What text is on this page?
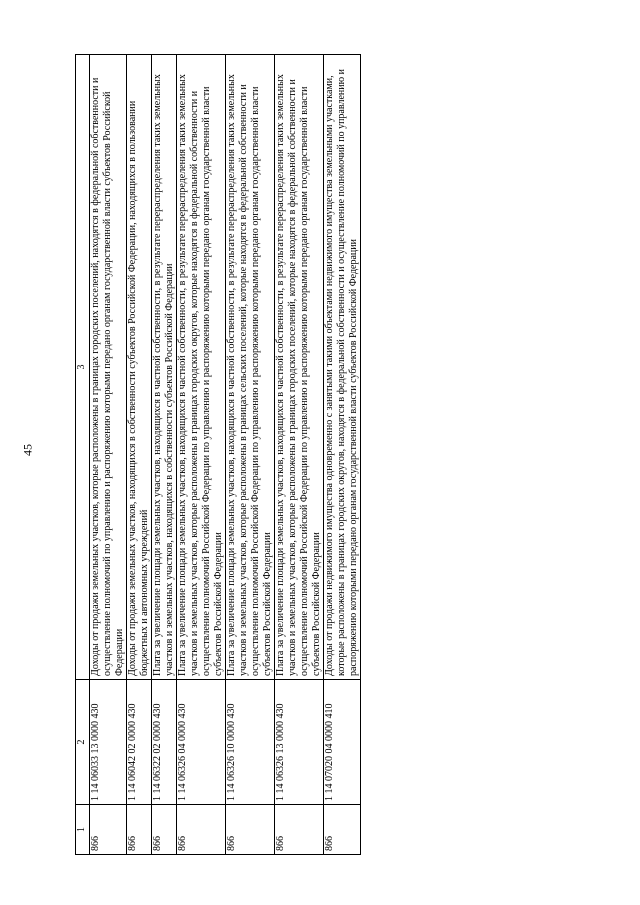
45
1	2	3
866	1 14 06033 13 0000 430	Доходы от продажи земельных участков, которые расположены в границах городских поселений, находятся в федеральной собственности и осуществление полномочий по управлению и распоряжению которыми передано органам государственной власти субъектов Российской Федерации
866	1 14 06042 02 0000 430	Доходы от продажи земельных участков, находящихся в собственности субъектов Российской Федерации, находящихся в пользовании бюджетных и автономных учреждений
866	1 14 06322 02 0000 430	Плата за увеличение площади земельных участков, находящихся в частной собственности, в результате перераспределения таких земельных участков и земельных участков, находящихся в собственности субъектов Российской Федерации
866	1 14 06326 04 0000 430	Плата за увеличение площади земельных участков, находящихся в частной собственности, в результате перераспределения таких земельных участков и земельных участков, которые расположены в границах городских округов, которые находятся в федеральной собственности и осуществление полномочий Российской Федерации по управлению и распоряжению которыми передано органам государственной власти субъектов Российской Федерации
866	1 14 06326 10 0000 430	Плата за увеличение площади земельных участков, находящихся в частной собственности, в результате перераспределения таких земельных участков и земельных участков, которые расположены в границах сельских поселений, которые находятся в федеральной собственности и осуществление полномочий Российской Федерации по управлению и распоряжению которыми передано органам государственной власти субъектов Российской Федерации
866	1 14 06326 13 0000 430	Плата за увеличение площади земельных участков, находящихся в частной собственности, в результате перераспределения таких земельных участков и земельных участков, которые расположены в границах городских поселений, которые находятся в федеральной собственности и осуществление полномочий Российской Федерации по управлению и распоряжению которыми передано органам государственной власти субъектов Российской Федерации
866	1 14 07020 04 0000 410	Доходы от продажи недвижимого имущества одновременно с занятыми такими объектами недвижимого имущества земельными участками, которые расположены в границах городских округов, находятся в федеральной собственности и осуществление полномочий по управлению и распоряжению которыми передано органам государственной власти субъектов Российской Федерации
